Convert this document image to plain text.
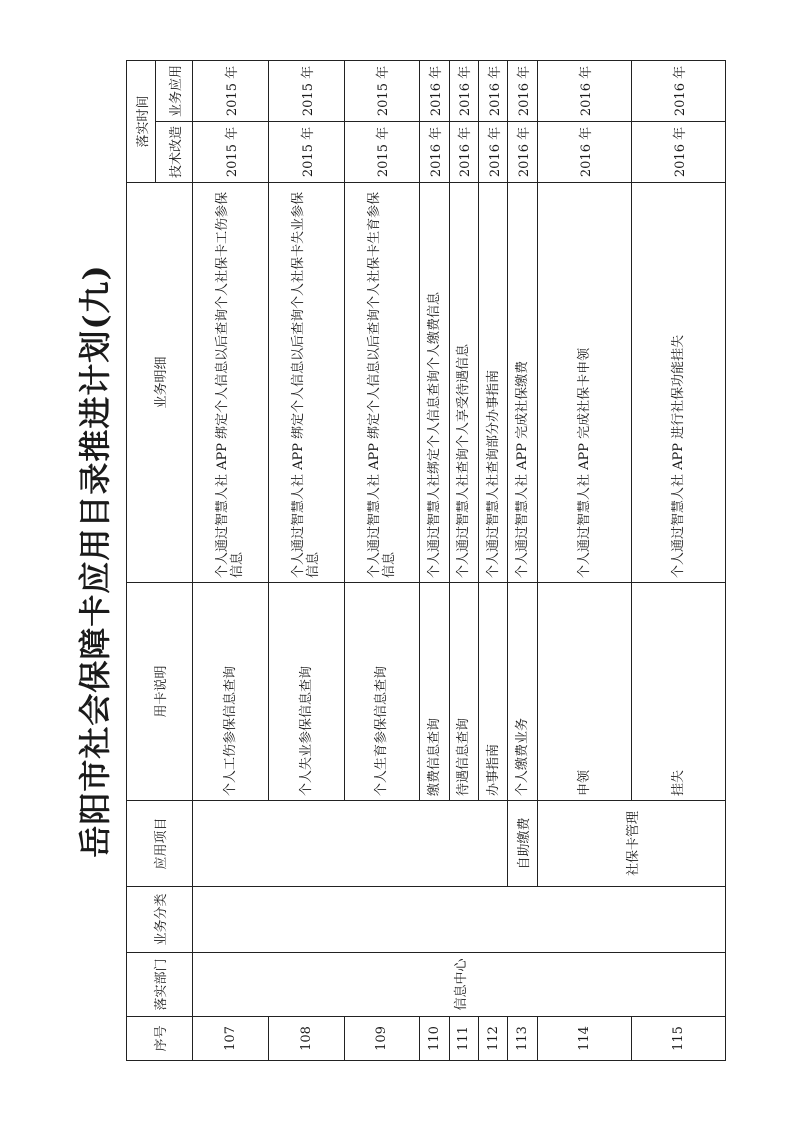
岳阳市社会保障卡应用目录推进计划(九)
序号	落实部门	业务分类	应用项目	用卡说明	业务明细	落实时间	
						技术改造	业务应用
107	信息中心			个人工伤参保信息查询	个人通过智慧人社 APP 绑定个人信息以后查询个人社保卡工伤参保信息	2015 年	2015 年
108				个人失业参保信息查询	个人通过智慧人社 APP 绑定个人信息以后查询个人社保卡失业参保信息	2015 年	2015 年
109				个人生育参保信息查询	个人通过智慧人社 APP 绑定个人信息以后查询个人社保卡生育参保信息	2015 年	2015 年
110				缴费信息查询	个人通过智慧人社绑定个人信息查询个人缴费信息	2016 年	2016 年
111				待遇信息查询	个人通过智慧人社查询个人享受待遇信息	2016 年	2016 年
112				办事指南	个人通过智慧人社查询部分办事指南	2016 年	2016 年
113			自助缴费	个人缴费业务	个人通过智慧人社 APP 完成社保缴费	2016 年	2016 年
114			社保卡管理	申领	个人通过智慧人社 APP 完成社保卡申领	2016 年	2016 年
115				挂失	个人通过智慧人社 APP 进行社保功能挂失	2016 年	2016 年
